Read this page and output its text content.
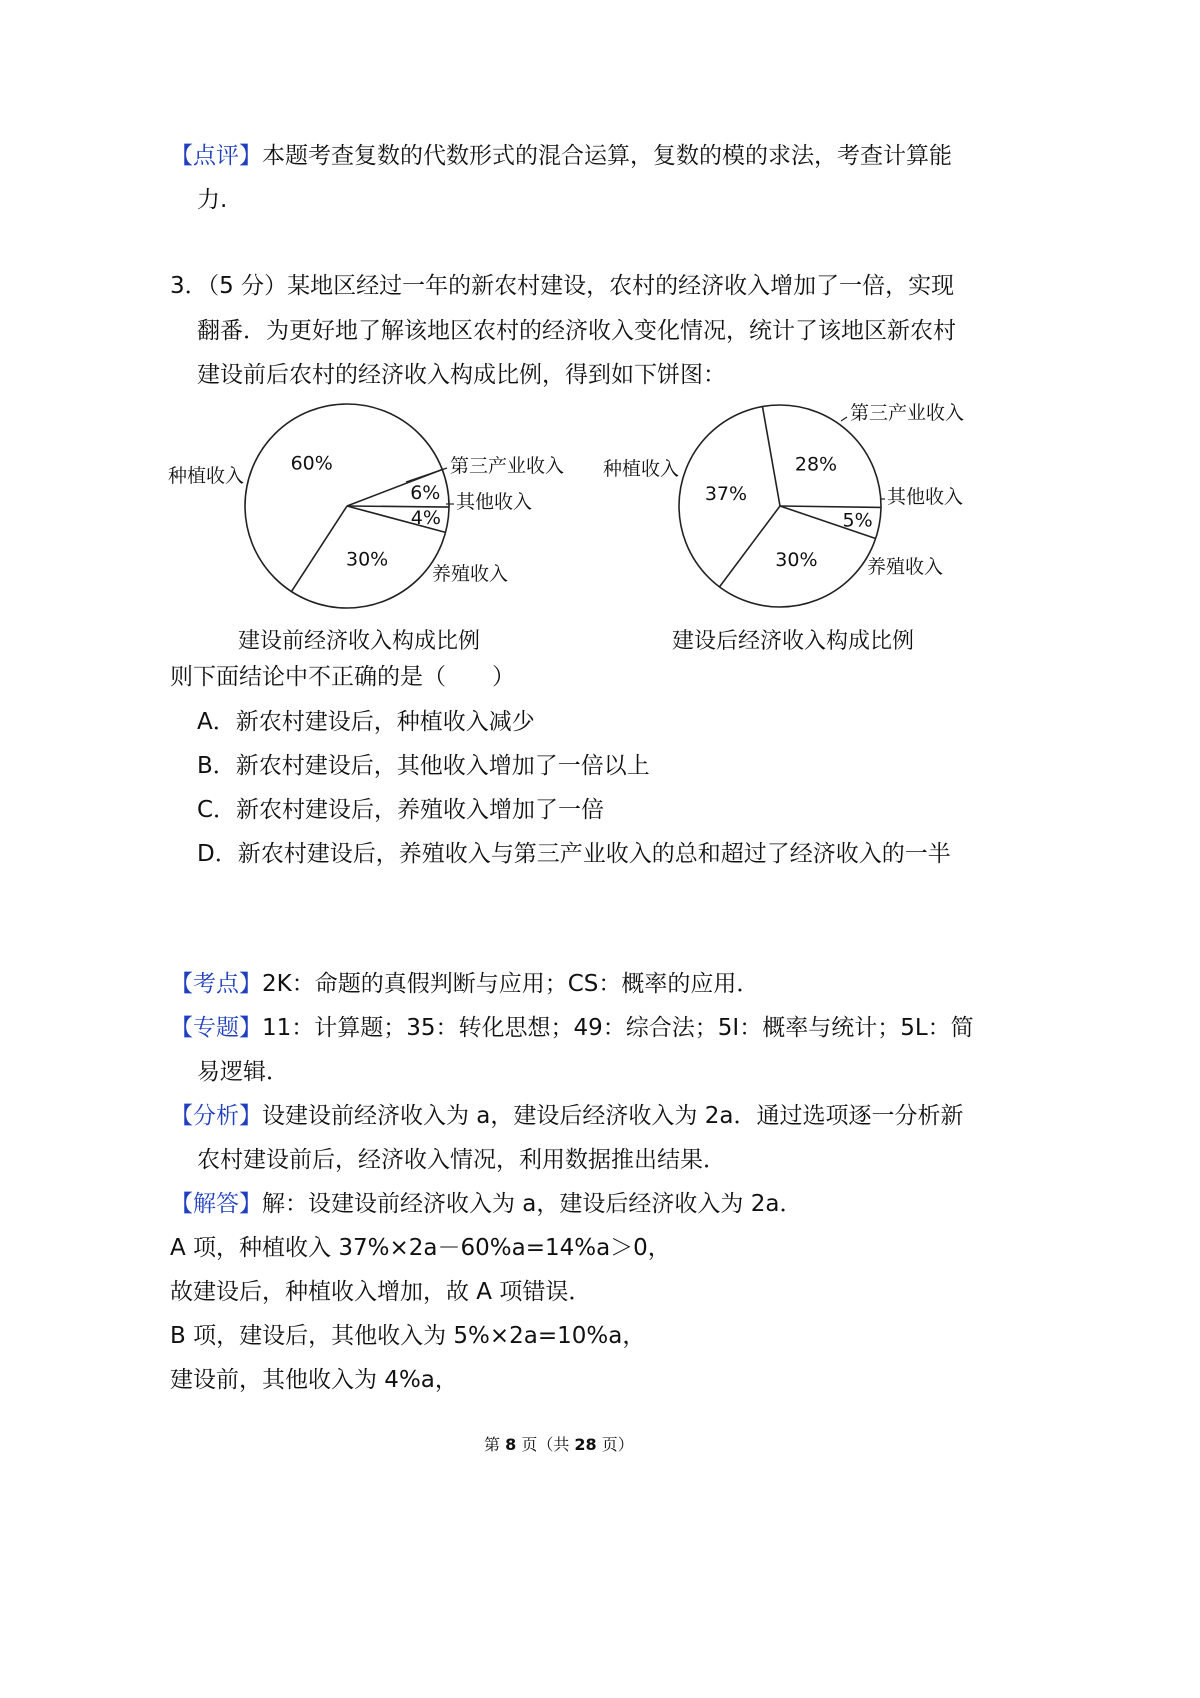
【点评】本题考查复数的代数形式的混合运算，复数的模的求法，考查计算能
力.
3．（5 分）某地区经过一年的新农村建设，农村的经济收入增加了一倍，实现
翻番．为更好地了解该地区农村的经济收入变化情况，统计了该地区新农村
建设前后农村的经济收入构成比例，得到如下饼图：
6%
4%
30%
60%
种植收入	第三产业收入
其他收入
养殖收入
28%
5%
30%
37%
种植收入
第三产业收入
其他收入
养殖收入
建设前经济收入构成比例	建设后经济收入构成比例
则下面结论中不正确的是（　　）
A．新农村建设后，种植收入减少
B．新农村建设后，其他收入增加了一倍以上
C．新农村建设后，养殖收入增加了一倍
D．新农村建设后，养殖收入与第三产业收入的总和超过了经济收入的一半
【考点】2K：命题的真假判断与应用；CS：概率的应用．
【专题】11：计算题；35：转化思想；49：综合法；5I：概率与统计；5L：简
易逻辑．
【分析】设建设前经济收入为 a，建设后经济收入为 2a．通过选项逐一分析新
农村建设前后，经济收入情况，利用数据推出结果．
【解答】解：设建设前经济收入为 a，建设后经济收入为 2a．
A 项，种植收入 37%×2a－60%a=14%a＞0，
故建设后，种植收入增加，故 A 项错误．
B 项，建设后，其他收入为 5%×2a=10%a，
建设前，其他收入为 4%a，
第 8 页（共 28 页）
